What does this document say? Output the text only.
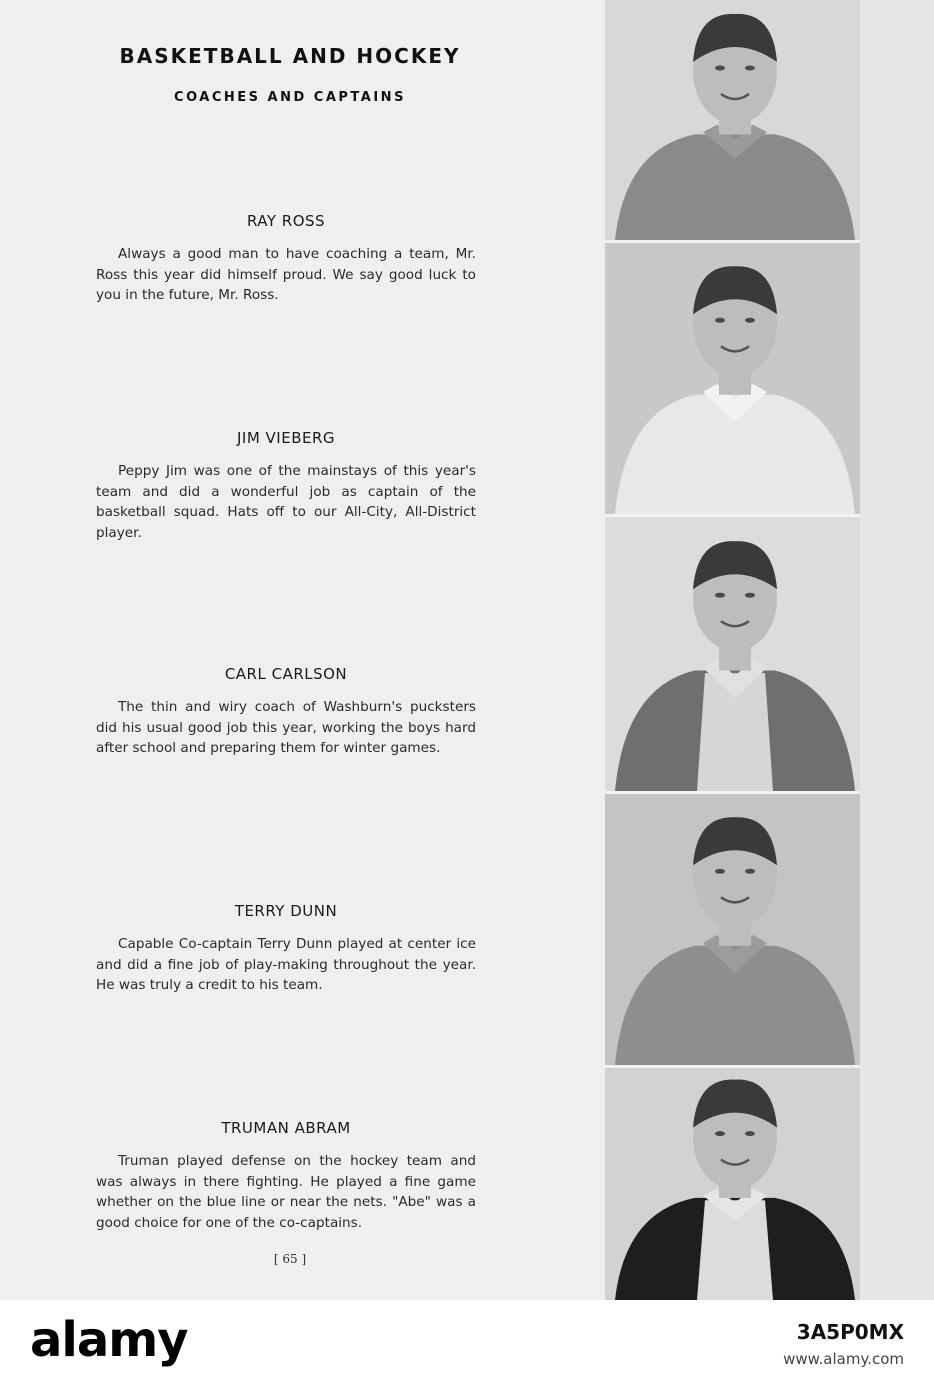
BASKETBALL AND HOCKEY
COACHES AND CAPTAINS
RAY ROSS
Always a good man to have coaching a team, Mr. Ross this year did himself proud. We say good luck to you in the future, Mr. Ross.
JIM VIEBERG
Peppy Jim was one of the mainstays of this year's team and did a wonderful job as captain of the basketball squad. Hats off to our All-City, All-District player.
CARL CARLSON
The thin and wiry coach of Washburn's pucksters did his usual good job this year, working the boys hard after school and preparing them for winter games.
TERRY DUNN
Capable Co-captain Terry Dunn played at center ice and did a fine job of play-making throughout the year. He was truly a credit to his team.
TRUMAN ABRAM
Truman played defense on the hockey team and was always in there fighting. He played a fine game whether on the blue line or near the nets. "Abe" was a good choice for one of the co-captains.
[ 65 ]
alamy	3A5P0MX
www.alamy.com
